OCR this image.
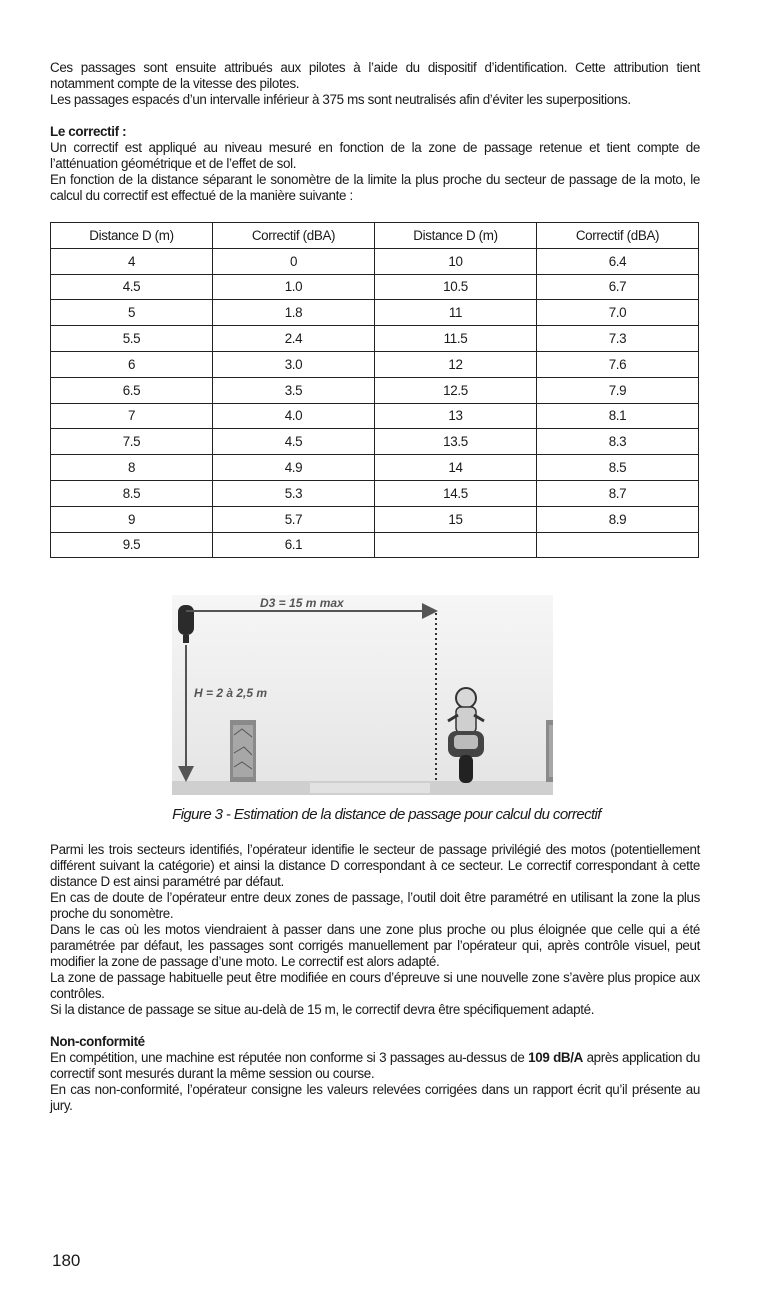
Ces passages sont ensuite attribués aux pilotes à l’aide du dispositif d’identification. Cette attribution tient notamment compte de la vitesse des pilotes.

Les passages espacés d’un intervalle inférieur à 375 ms sont neutralisés afin d’éviter les superpositions.

Le correctif :

Un correctif est appliqué au niveau mesuré en fonction de la zone de passage retenue et tient compte de l’atténuation géométrique et de l’effet de sol.

En fonction de la distance séparant le sonomètre de la limite la plus proche du secteur de passage de la moto, le calcul du correctif est effectué de la manière suivante :

Distance D (m)	Correctif (dBA)	Distance D (m)	Correctif (dBA)
4	0	10	6.4
4.5	1.0	10.5	6.7
5	1.8	11	7.0
5.5	2.4	11.5	7.3
6	3.0	12	7.6
6.5	3.5	12.5	7.9
7	4.0	13	8.1
7.5	4.5	13.5	8.3
8	4.9	14	8.5
8.5	5.3	14.5	8.7
9	5.7	15	8.9
9.5	6.1		
H = 2 à 2,5 m
D3 = 15 m max
Figure 3 - Estimation de la distance de passage pour calcul du correctif

Parmi les trois secteurs identifiés, l’opérateur identifie le secteur de passage privilégié des motos (potentiellement différent suivant la catégorie) et ainsi la distance D correspondant à ce secteur. Le correctif correspondant à cette distance D est ainsi paramétré par défaut.

En cas de doute de l’opérateur entre deux zones de passage, l’outil doit être paramétré en utilisant la zone la plus proche du sonomètre.

Dans le cas où les motos viendraient à passer dans une zone plus proche ou plus éloignée que celle qui a été paramétrée par défaut, les passages sont corrigés manuellement par l’opérateur qui, après contrôle visuel, peut modifier la zone de passage d’une moto. Le correctif est alors adapté.

La zone de passage habituelle peut être modifiée en cours d’épreuve si une nouvelle zone s’avère plus propice aux contrôles.

Si la distance de passage se situe au-delà de 15 m, le correctif devra être spécifiquement adapté.

Non-conformité

En compétition, une machine est réputée non conforme si 3 passages au-dessus de 109 dB/A après application du correctif sont mesurés durant la même session ou course.

En cas non-conformité, l’opérateur consigne les valeurs relevées corrigées dans un rapport écrit qu’il présente au jury.

180
